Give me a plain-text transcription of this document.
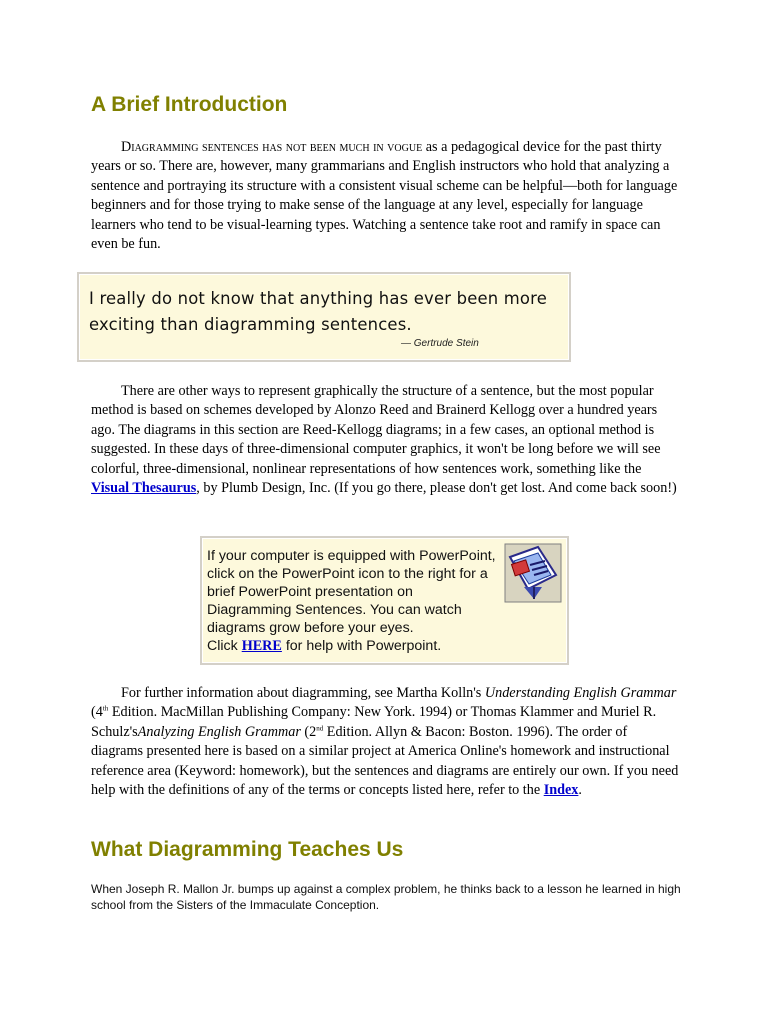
A Brief Introduction

Diagramming sentences has not been much in vogue as a pedagogical device for the past thirty years or so. There are, however, many grammarians and English instructors who hold that analyzing a sentence and portraying its structure with a consistent visual scheme can be helpful—both for language beginners and for those trying to make sense of the language at any level, especially for language learners who tend to be visual-learning types. Watching a sentence take root and ramify in space can even be fun.

I really do not know that anything has ever been more exciting than diagramming sentences.
— Gertrude Stein

There are other ways to represent graphically the structure of a sentence, but the most popular method is based on schemes developed by Alonzo Reed and Brainerd Kellogg over a hundred years ago. The diagrams in this section are Reed-Kellogg diagrams; in a few cases, an optional method is suggested. In these days of three-dimensional computer graphics, it won't be long before we will see colorful, three-dimensional, nonlinear representations of how sentences work, something like the Visual Thesaurus, by Plumb Design, Inc. (If you go there, please don't get lost. And come back soon!)

If your computer is equipped with PowerPoint, click on the PowerPoint icon to the right for a brief PowerPoint presentation on Diagramming Sentences. You can watch diagrams grow before your eyes.
Click HERE for help with Powerpoint.

For further information about diagramming, see Martha Kolln's Understanding English Grammar (4th Edition. MacMillan Publishing Company: New York. 1994) or Thomas Klammer and Muriel R. Schulz'sAnalyzing English Grammar (2nd Edition. Allyn & Bacon: Boston. 1996). The order of diagrams presented here is based on a similar project at America Online's homework and instructional reference area (Keyword: homework), but the sentences and diagrams are entirely our own. If you need help with the definitions of any of the terms or concepts listed here, refer to the Index.

What Diagramming Teaches Us

When Joseph R. Mallon Jr. bumps up against a complex problem, he thinks back to a lesson he learned in high school from the Sisters of the Immaculate Conception.
